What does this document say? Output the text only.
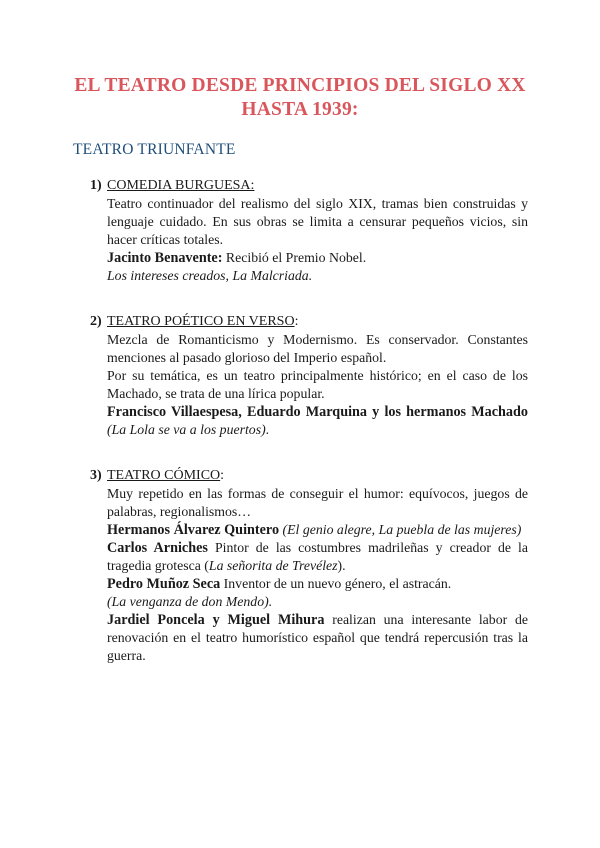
EL TEATRO DESDE PRINCIPIOS DEL SIGLO XX HASTA 1939:
TEATRO TRIUNFANTE
1) COMEDIA BURGUESA:

Teatro continuador del realismo del siglo XIX, tramas bien construidas y lenguaje cuidado. En sus obras se limita a censurar pequeños vicios, sin hacer críticas totales.

Jacinto Benavente: Recibió el Premio Nobel.

Los intereses creados, La Malcriada.

2) TEATRO POÉTICO EN VERSO:

Mezcla de Romanticismo y Modernismo. Es conservador. Constantes menciones al pasado glorioso del Imperio español.

Por su temática, es un teatro principalmente histórico; en el caso de los Machado, se trata de una lírica popular.

Francisco Villaespesa, Eduardo Marquina y los hermanos Machado (La Lola se va a los puertos).

3) TEATRO CÓMICO:

Muy repetido en las formas de conseguir el humor: equívocos, juegos de palabras, regionalismos…

Hermanos Álvarez Quintero (El genio alegre, La puebla de las mujeres)

Carlos Arniches Pintor de las costumbres madrileñas y creador de la tragedia grotesca (La señorita de Trevélez).

Pedro Muñoz Seca Inventor de un nuevo género, el astracán.

(La venganza de don Mendo).

Jardiel Poncela y Miguel Mihura realizan una interesante labor de renovación en el teatro humorístico español que tendrá repercusión tras la guerra.
